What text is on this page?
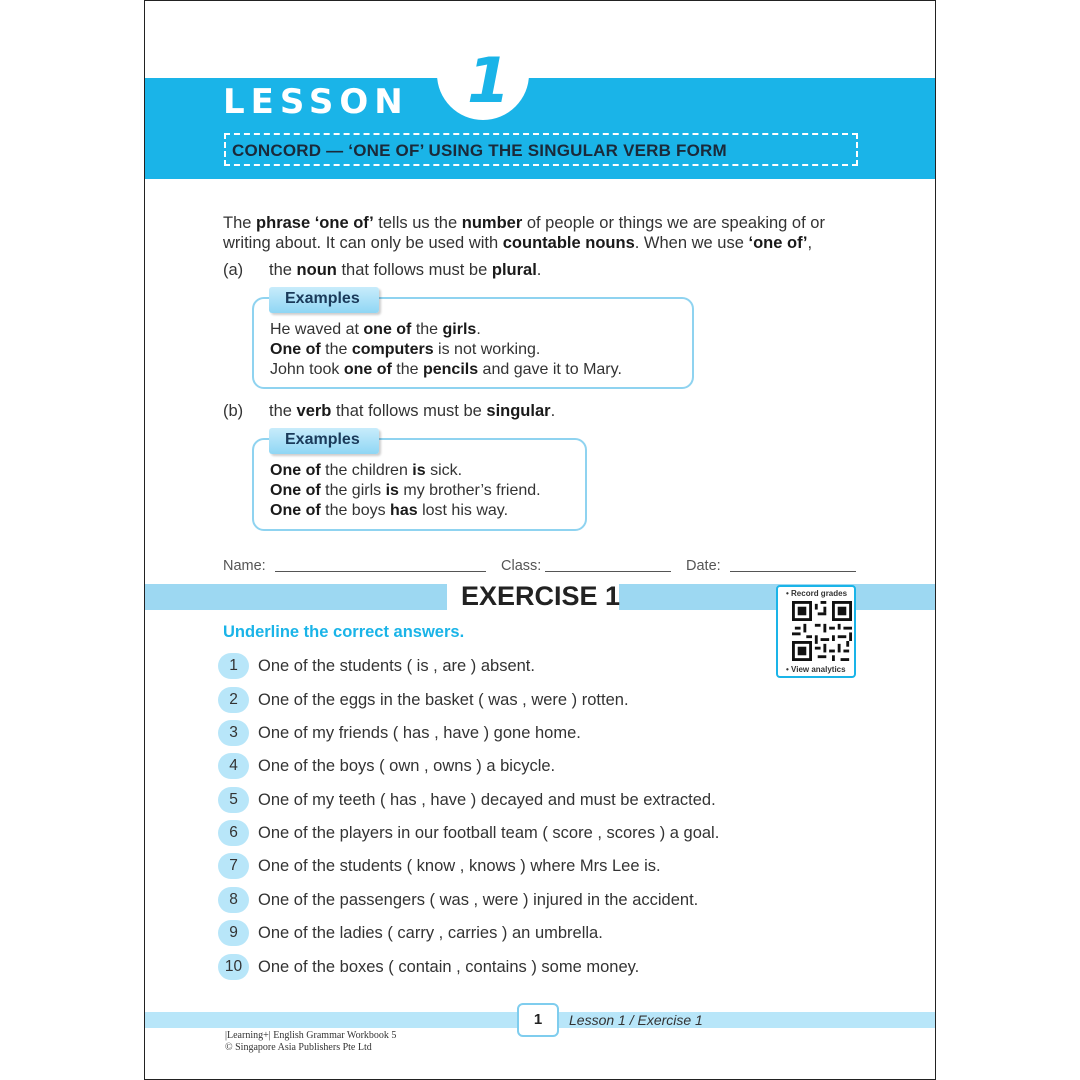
LESSON 1
CONCORD — ‘ONE OF’ USING THE SINGULAR VERB FORM
The phrase ‘one of’ tells us the number of people or things we are speaking of or
writing about. It can only be used with countable nouns. When we use ‘one of’,
(a) the noun that follows must be plural.
He waved at one of the girls.
One of the computers is not working.
John took one of the pencils and gave it to Mary.
Examples
(b) the verb that follows must be singular.
One of the children is sick.
One of the girls is my brother’s friend.
One of the boys has lost his way.
Examples
Name:	Class:	Date:
EXERCISE 1	• Record grades
• View analytics
Underline the correct answers.
1	One of the students ( is , are ) absent.
2	One of the eggs in the basket ( was , were ) rotten.
3	One of my friends ( has , have ) gone home.
4	One of the boys ( own , owns ) a bicycle.
5	One of my teeth ( has , have ) decayed and must be extracted.
6	One of the players in our football team ( score , scores ) a goal.
7	One of the students ( know , knows ) where Mrs Lee is.
8	One of the passengers ( was , were ) injured in the accident.
9	One of the ladies ( carry , carries ) an umbrella.
10 One of the boxes ( contain , contains ) some money.
1	Lesson 1 / Exercise 1
|Learning+| English Grammar Workbook 5
© Singapore Asia Publishers Pte Ltd
